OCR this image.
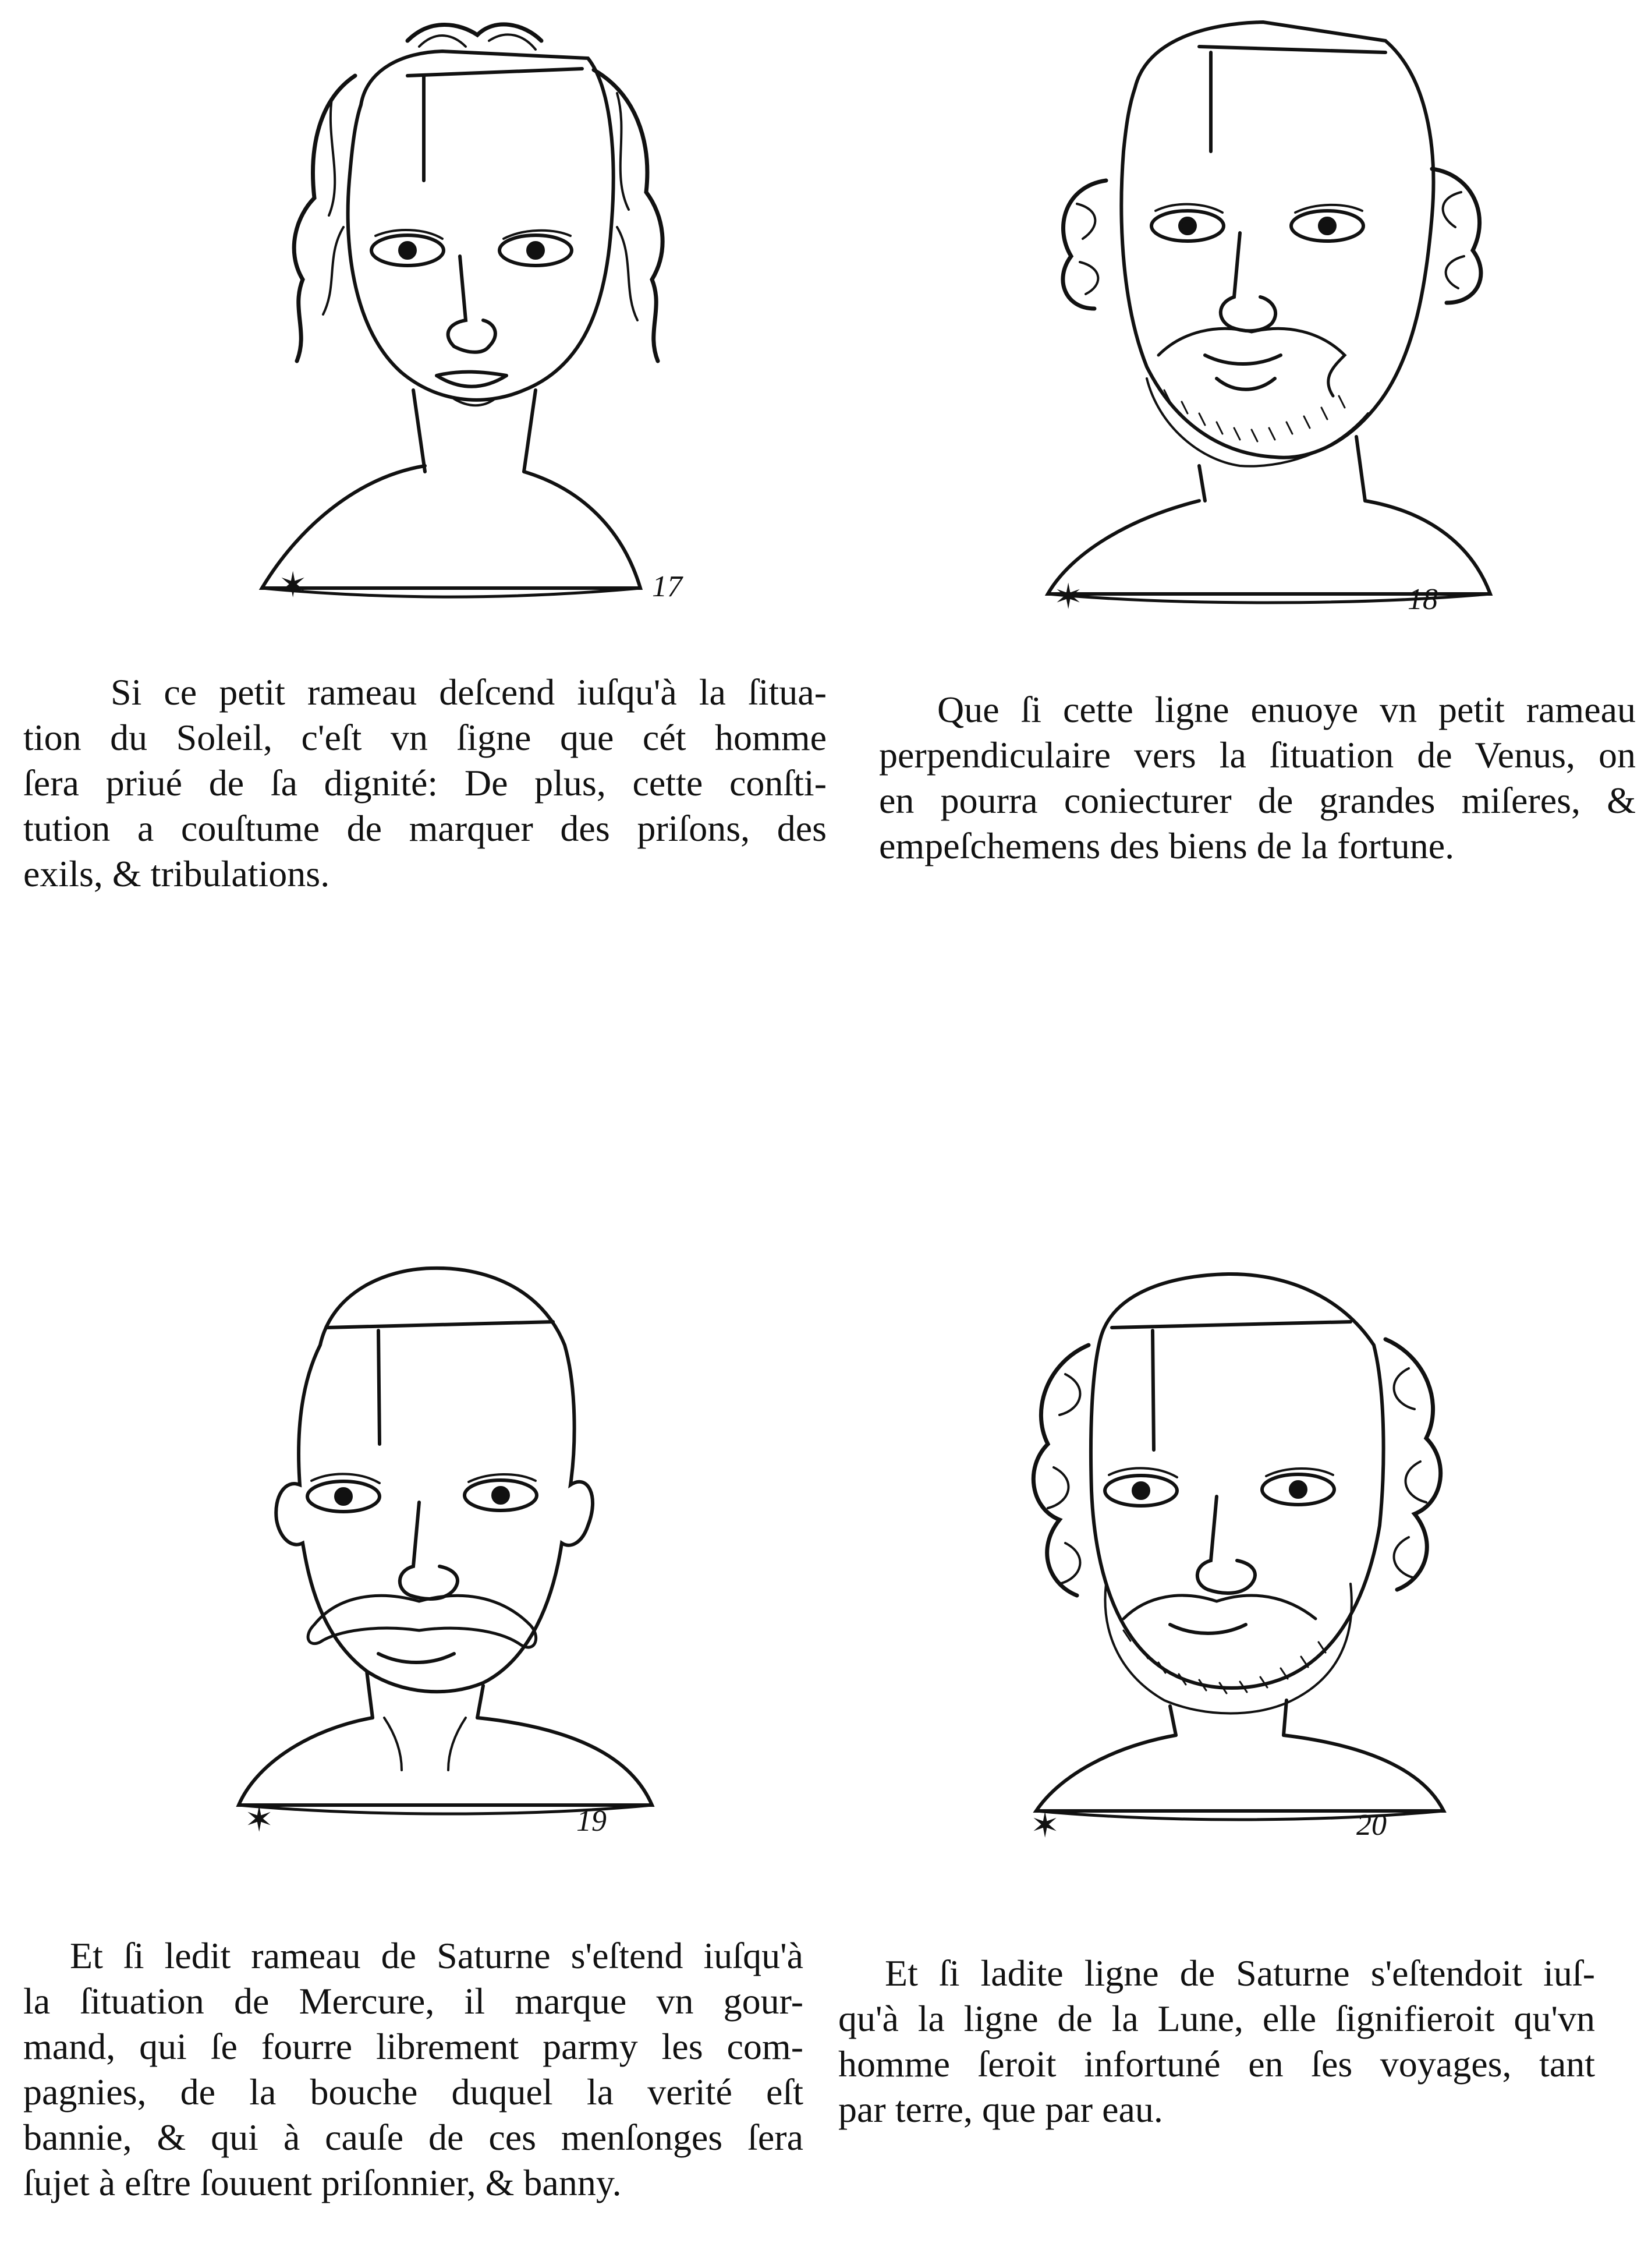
✶	17	✶	18
Si ce petit rameau deſcend iuſqu'à la ſitua-
tion du Soleil, c'eſt vn ſigne que cét homme
ſera priué de ſa dignité: De plus, cette conſti-
tution a couſtume de marquer des priſons, des
exils, & tribulations.
Que ſi cette ligne enuoye vn petit rameau
perpendiculaire vers la ſituation de Venus, on
en pourra coniecturer de grandes miſeres, &
empeſchemens des biens de la fortune.
✶	19	✶	20
Et ſi ledit rameau de Saturne s'eſtend iuſqu'à
la ſituation de Mercure, il marque vn gour-
mand, qui ſe fourre librement parmy les com-
pagnies, de la bouche duquel la verité eſt
bannie, & qui à cauſe de ces menſonges ſera
ſujet à eſtre ſouuent priſonnier, & banny.
Et ſi ladite ligne de Saturne s'eſtendoit iuſ-
qu'à la ligne de la Lune, elle ſignifieroit qu'vn
homme ſeroit infortuné en ſes voyages, tant
par terre, que par eau.
